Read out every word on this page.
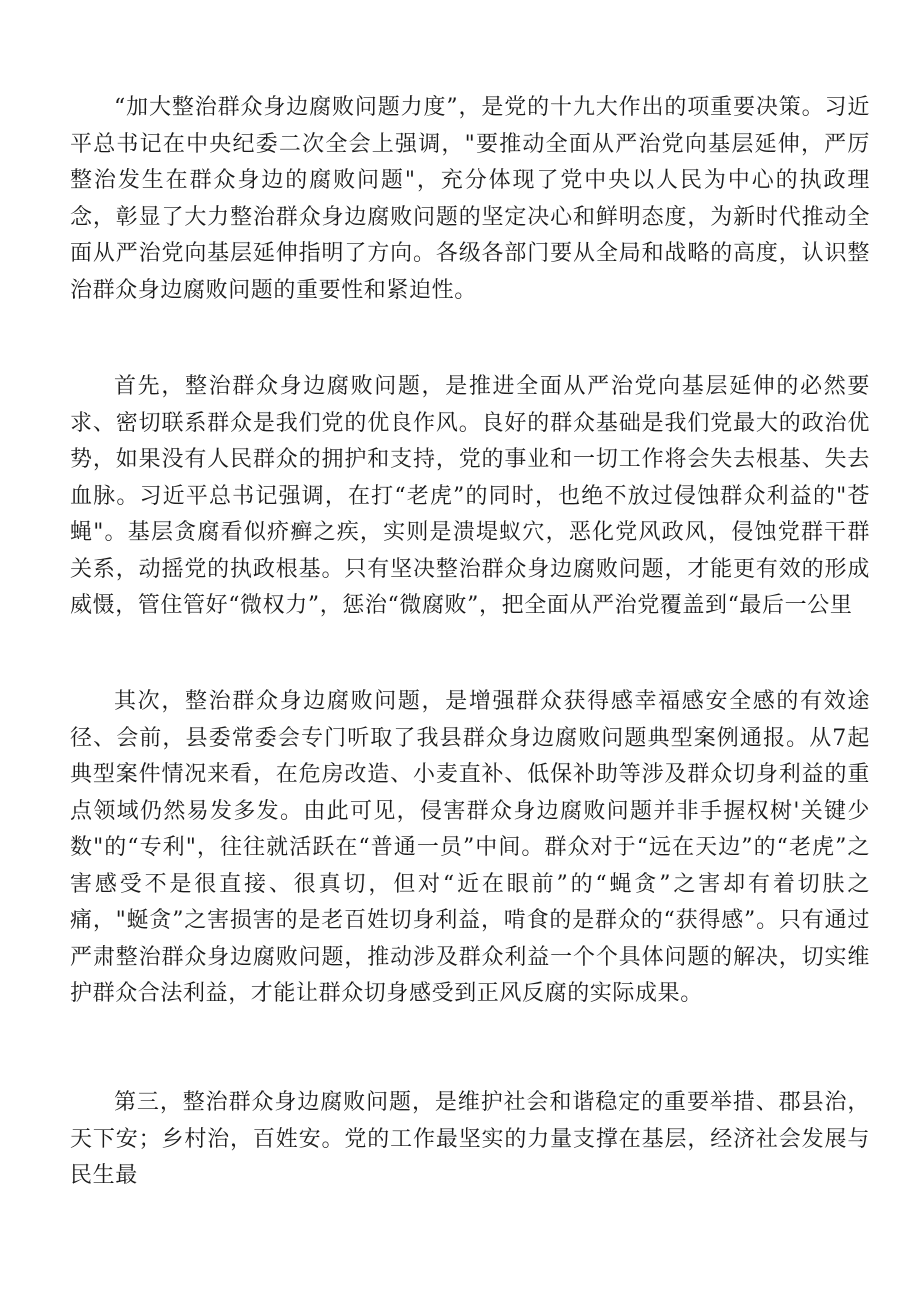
“加大整治群众身边腐败问题力度”，是党的十九大作出的项重要决策。习近平总书记在中央纪委二次全会上强调，"要推动全面从严治党向基层延伸，严厉整治发生在群众身边的腐败问题"，充分体现了党中央以人民为中心的执政理念，彰显了大力整治群众身边腐败问题的坚定决心和鲜明态度，为新时代推动全面从严治党向基层延伸指明了方向。各级各部门要从全局和战略的高度，认识整治群众身边腐败问题的重要性和紧迫性。

首先，整治群众身边腐败问题，是推进全面从严治党向基层延伸的必然要求、密切联系群众是我们党的优良作风。良好的群众基础是我们党最大的政治优势，如果没有人民群众的拥护和支持，党的事业和一切工作将会失去根基、失去血脉。习近平总书记强调，在打“老虎”的同时，也绝不放过侵蚀群众利益的"苍蝇"。基层贪腐看似疥癣之疾，实则是溃堤蚁穴，恶化党风政风，侵蚀党群干群关系，动摇党的执政根基。只有坚决整治群众身边腐败问题，才能更有效的形成威慑，管住管好“微权力”，惩治“微腐败”，把全面从严治党覆盖到“最后一公里

其次，整治群众身边腐败问题，是增强群众获得感幸福感安全感的有效途径、会前，县委常委会专门听取了我县群众身边腐败问题典型案例通报。从7起典型案件情况来看，在危房改造、小麦直补、低保补助等涉及群众切身利益的重点领域仍然易发多发。由此可见，侵害群众身边腐败问题并非手握权树'关键少数"的“专利"，往往就活跃在“普通一员”中间。群众对于“远在天边”的“老虎”之害感受不是很直接、很真切，但对“近在眼前”的“蝇贪”之害却有着切肤之痛，"蜒贪”之害损害的是老百姓切身利益，啃食的是群众的“获得感”。只有通过严肃整治群众身边腐败问题，推动涉及群众利益一个个具体问题的解决，切实维护群众合法利益，才能让群众切身感受到正风反腐的实际成果。

第三，整治群众身边腐败问题，是维护社会和谐稳定的重要举措、郡县治，天下安；乡村治，百姓安。党的工作最坚实的力量支撑在基层，经济社会发展与民生最
